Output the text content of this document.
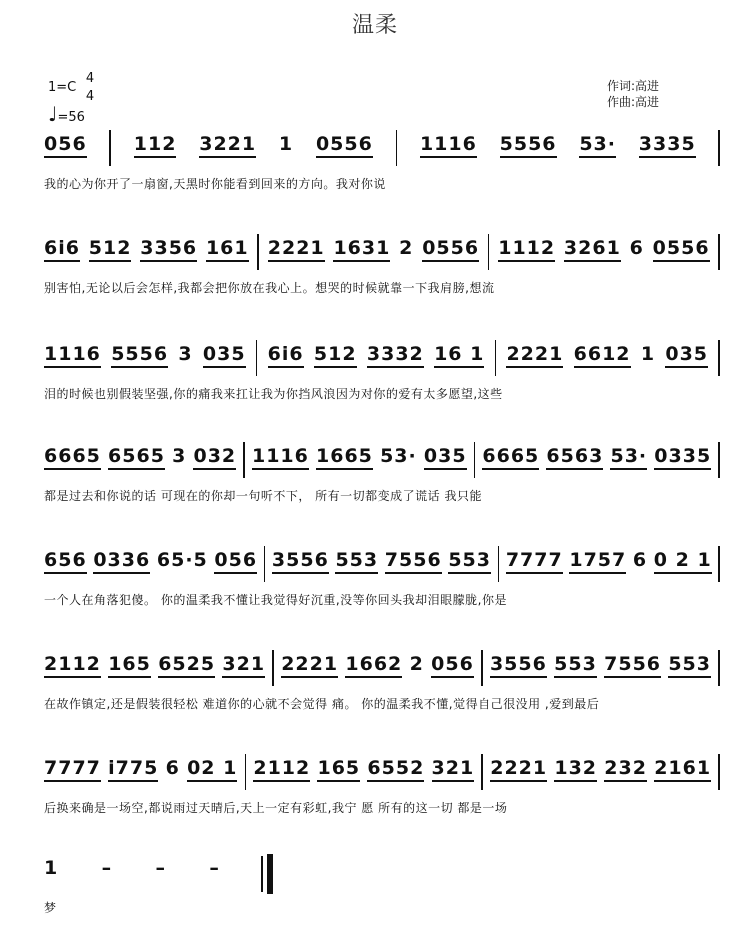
温柔
1=C
4
4
♩=56
作词:高进
作曲:高进
056 112 3221 1 0556 1116 5556 53· 3335
我的心为你开了一扇窗,天黑时你能看到回来的方向。我对你说
6i6 512 3356 161 2221 1631 2 0556 1112 3261 6 0556
别害怕,无论以后会怎样,我都会把你放在我心上。想哭的时候就靠一下我肩膀,想流
1116 5556 3 035 6i6 512 3332 16 1 2221 6612 1 035
泪的时候也别假装坚强,你的痛我来扛让我为你挡风浪因为对你的爱有太多愿望,这些
6665 6565 3 032 1116 1665 53· 035 6665 6563 53· 0335
都是过去和你说的话 可现在的你却一句听不下， 所有一切都变成了谎话 我只能
656 0336 65·5 056 3556 553 7556 553 7777 1757 6 0 2 1
一个人在角落犯傻。 你的温柔我不懂让我觉得好沉重,没等你回头我却泪眼朦胧,你是
2112 165 6525 321 2221 1662 2 056 3556 553 7556 553
在故作镇定,还是假装很轻松 难道你的心就不会觉得 痛。 你的温柔我不懂,觉得自己很没用 ,爱到最后
7777 i775 6 02 1 2112 165 6552 321 2221 132 232 2161
后换来确是一场空,都说雨过天晴后,天上一定有彩虹,我宁 愿 所有的这一切 都是一场
1 – – –
梦
